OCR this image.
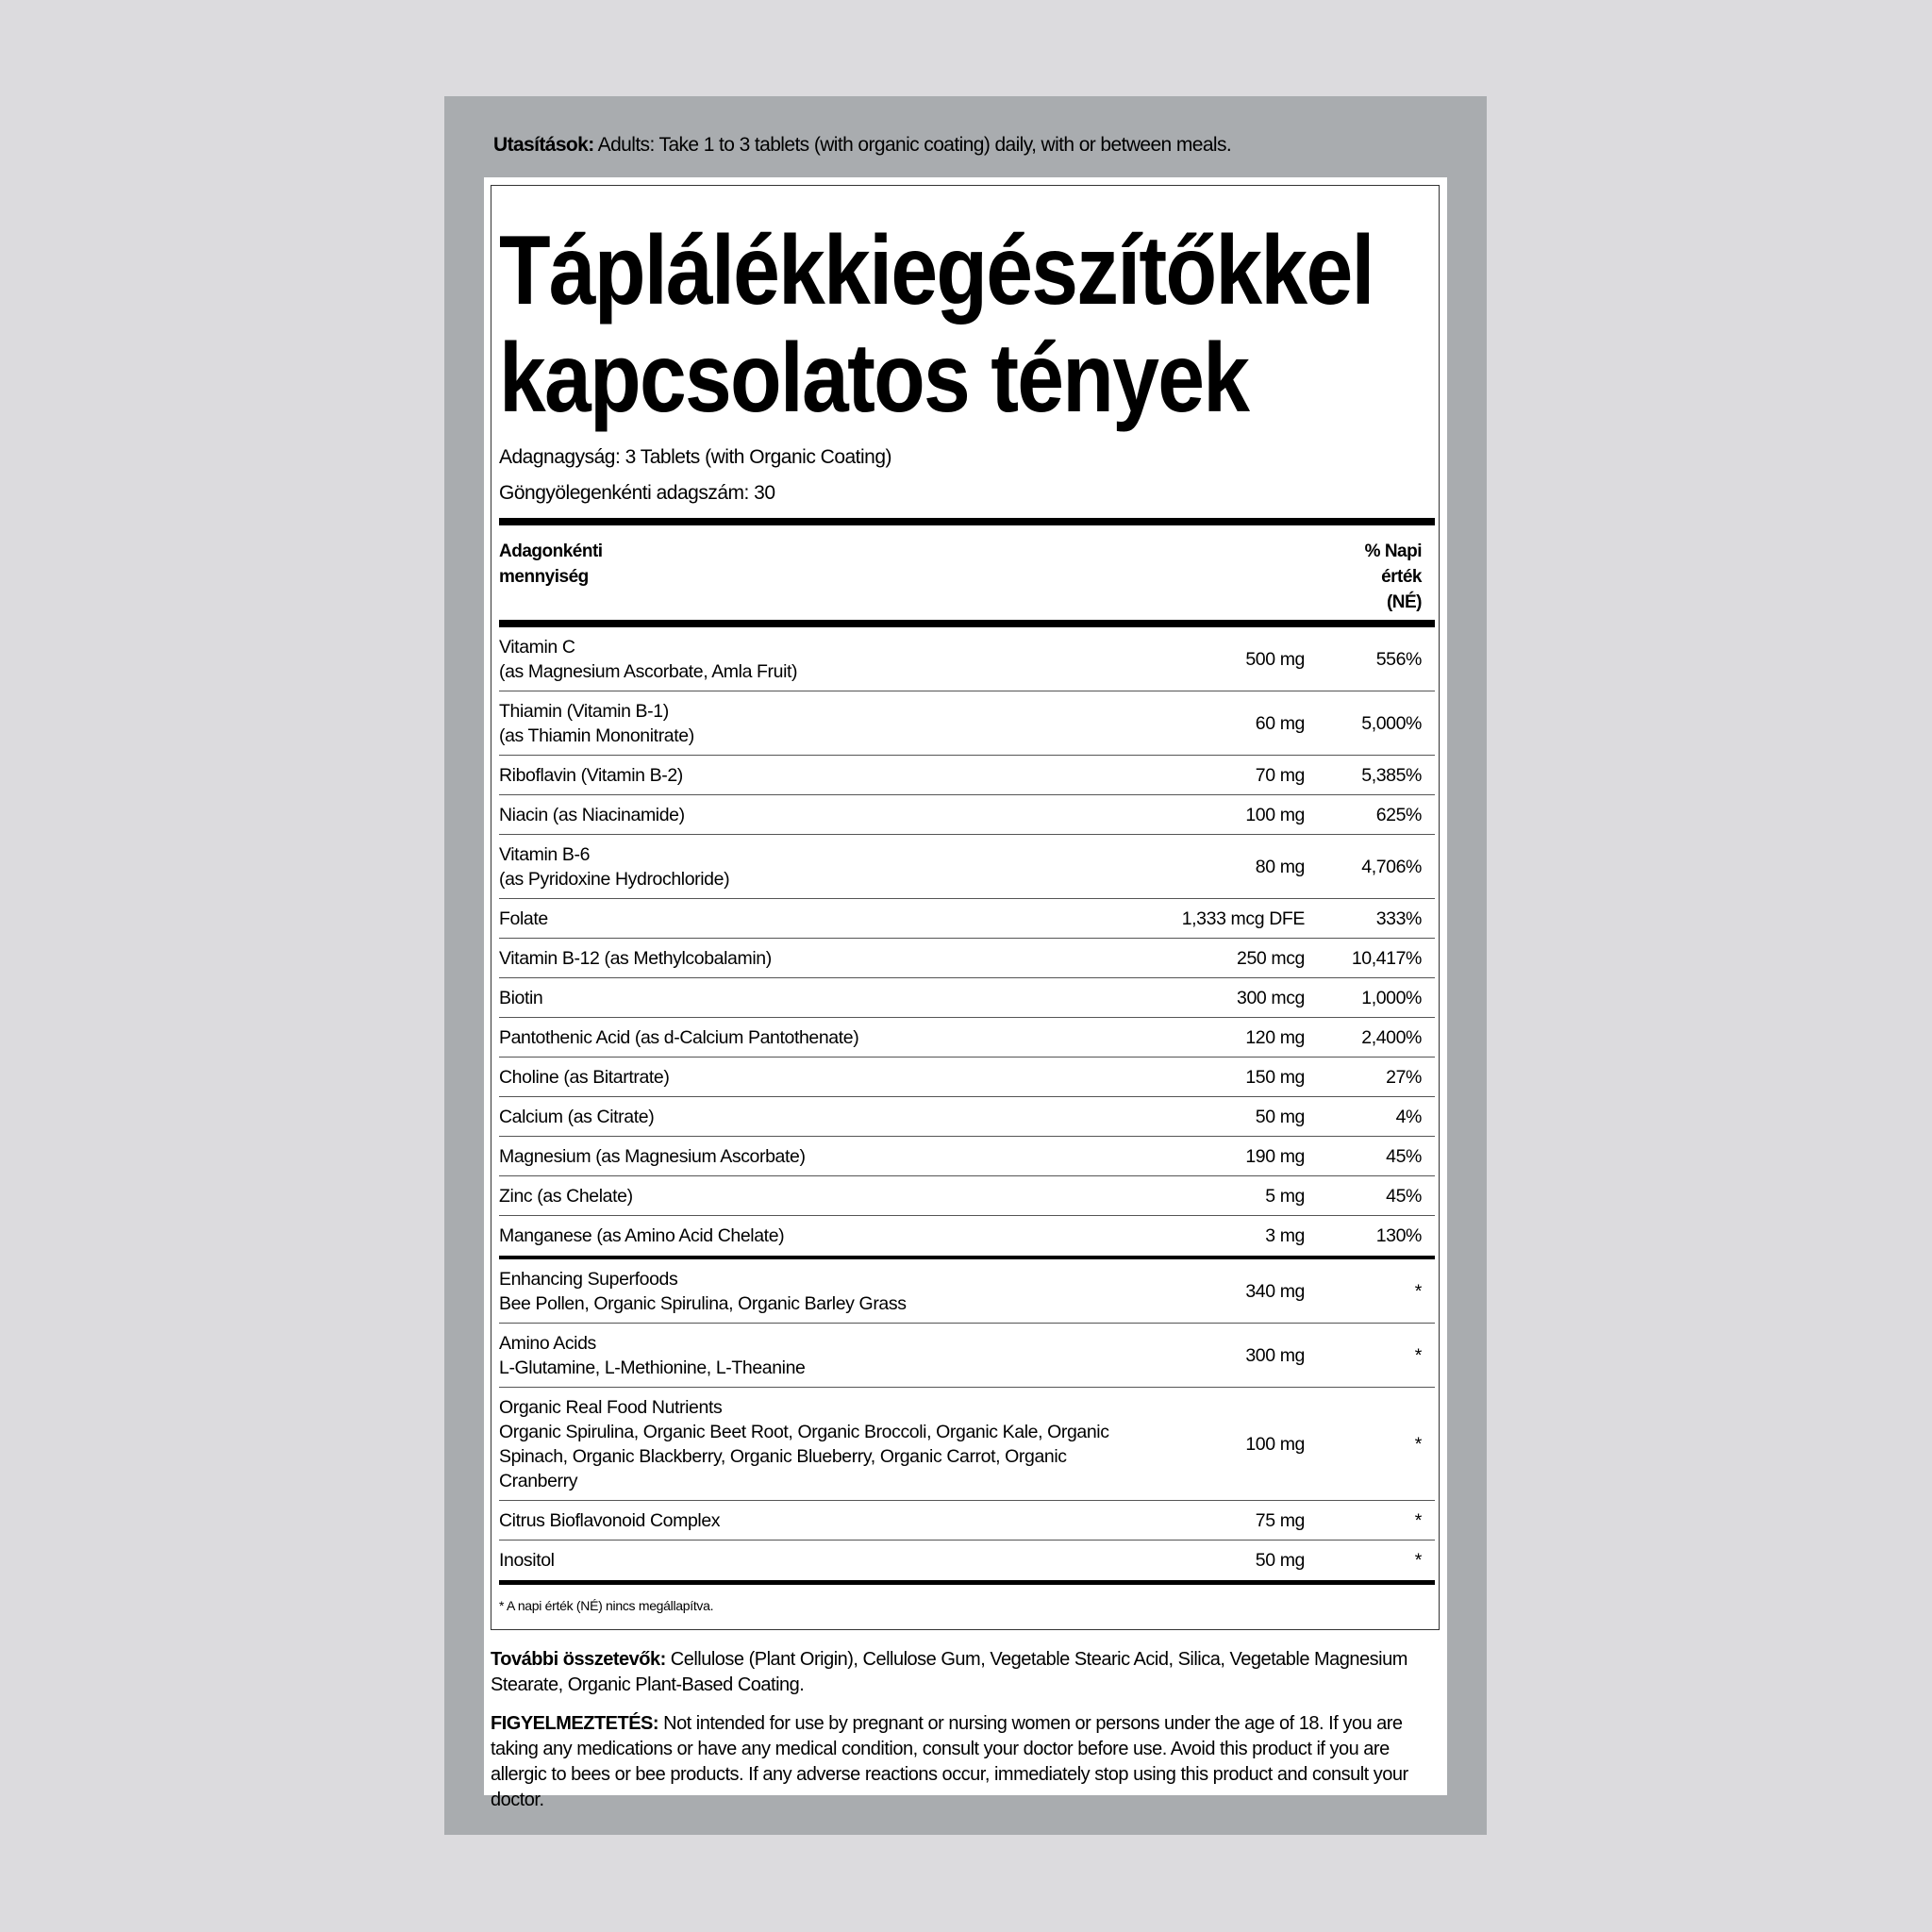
Utasítások: Adults: Take 1 to 3 tablets (with organic coating) daily, with or between meals.
Táplálékkiegészítőkkel
kapcsolatos tények
Adagnagyság: 3 Tablets (with Organic Coating)
Göngyölegenkénti adagszám: 30
Adagonkénti
mennyiség
% Napi
érték
(NÉ)
Vitamin C
(as Magnesium Ascorbate, Amla Fruit)
500 mg	556%
Thiamin (Vitamin B-1)
(as Thiamin Mononitrate)
60 mg	5,000%
Riboflavin (Vitamin B-2)	70 mg	5,385%
Niacin (as Niacinamide)	100 mg	625%
Vitamin B-6
(as Pyridoxine Hydrochloride)
80 mg	4,706%
Folate	1,333 mcg DFE	333%
Vitamin B-12 (as Methylcobalamin)	250 mcg	10,417%
Biotin	300 mcg	1,000%
Pantothenic Acid (as d-Calcium Pantothenate)	120 mg	2,400%
Choline (as Bitartrate)	150 mg	27%
Calcium (as Citrate)	50 mg	4%
Magnesium (as Magnesium Ascorbate)	190 mg	45%
Zinc (as Chelate)	5 mg	45%
Manganese (as Amino Acid Chelate)	3 mg	130%
Enhancing Superfoods
Bee Pollen, Organic Spirulina, Organic Barley Grass
340 mg	*
Amino Acids
L-Glutamine, L-Methionine, L-Theanine
300 mg	*
Organic Real Food Nutrients
Organic Spirulina, Organic Beet Root, Organic Broccoli, Organic Kale, Organic Spinach, Organic Blackberry, Organic Blueberry, Organic Carrot, Organic Cranberry
100 mg	*
Citrus Bioflavonoid Complex	75 mg	*
Inositol	50 mg	*
* A napi érték (NÉ) nincs megállapítva.
További összetevők: Cellulose (Plant Origin), Cellulose Gum, Vegetable Stearic Acid, Silica, Vegetable Magnesium Stearate, Organic Plant-Based Coating.
FIGYELMEZTETÉS: Not intended for use by pregnant or nursing women or persons under the age of 18. If you are taking any medications or have any medical condition, consult your doctor before use. Avoid this product if you are allergic to bees or bee products. If any adverse reactions occur, immediately stop using this product and consult your doctor.
